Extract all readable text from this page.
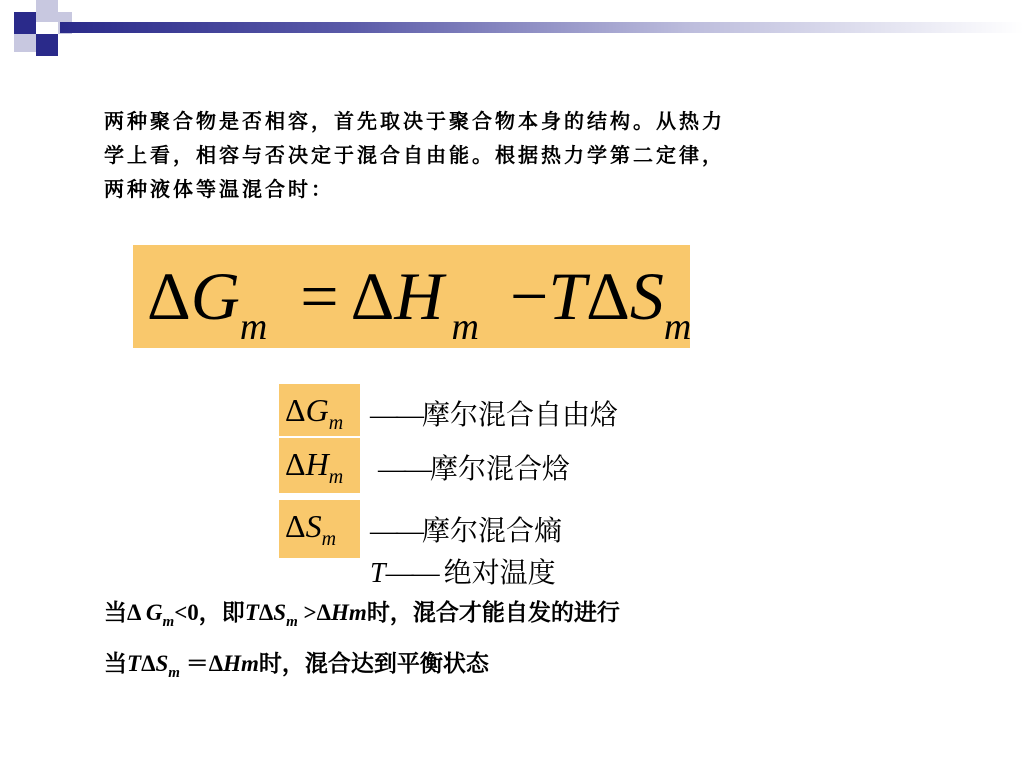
两种聚合物是否相容，首先取决于聚合物本身的结构。从热力
学上看，相容与否决定于混合自由能。根据热力学第二定律，
两种液体等温混合时：
$\Delta G_m = \Delta H$ $_m -T\Delta S_m$
$\Delta G_m$
$\Delta H_m$
$\Delta S_m$
——摩尔混合自由焓
——摩尔混合焓
——摩尔混合熵
T—— 绝对温度
当Δ $G_m<0$，即$T\Delta S_m >\Delta Hm$时，混合才能自发的进行
当$T\Delta S_m =\Delta Hm$时，混合达到平衡状态
